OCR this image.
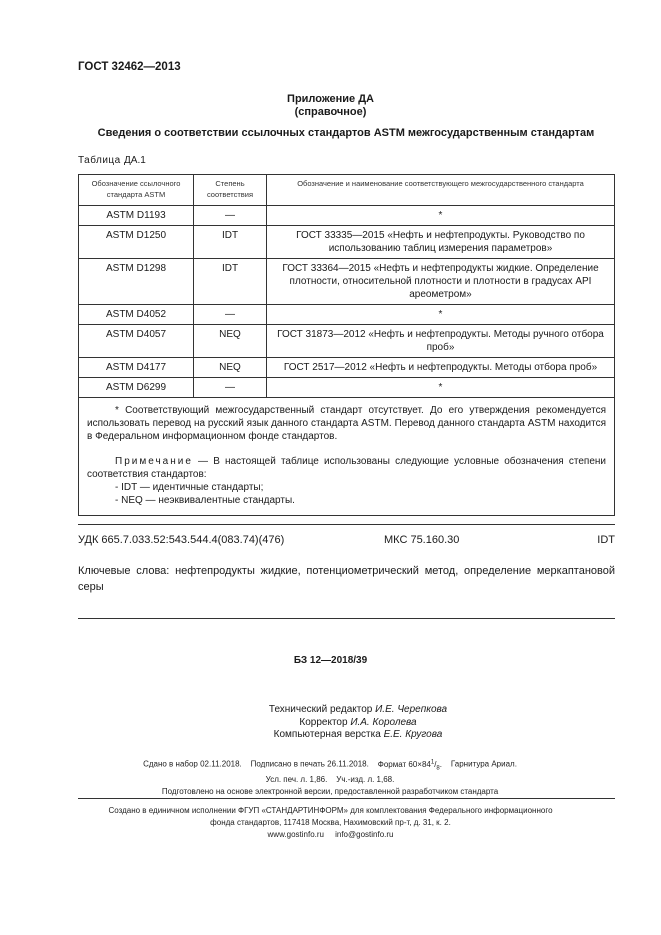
ГОСТ 32462—2013
Приложение ДА
(справочное)
Сведения о соответствии ссылочных стандартов ASTM межгосударственным стандартам
Таблица ДА.1
Обозначение ссылочного стандарта ASTM	Степень соответствия	Обозначение и наименование соответствующего межгосударственного стандарта
ASTM D1193	—	*
ASTM D1250	IDT	ГОСТ 33335—2015 «Нефть и нефтепродукты. Руководство по использованию таблиц измерения параметров»
ASTM D1298	IDT	ГОСТ 33364—2015 «Нефть и нефтепродукты жидкие. Определение плотности, относительной плотности и плотности в градусах API ареометром»
ASTM D4052	—	*
ASTM D4057	NEQ	ГОСТ 31873—2012 «Нефть и нефтепродукты. Методы ручного отбора проб»
ASTM D4177	NEQ	ГОСТ 2517—2012 «Нефть и нефтепродукты. Методы отбора проб»
ASTM D6299	—	*

* Соответствующий межгосударственный стандарт отсутствует. До его утверждения рекомендуется использовать перевод на русский язык данного стандарта ASTM. Перевод данного стандарта ASTM находится в Федеральном информационном фонде стандартов.

Примечание — В настоящей таблице использованы следующие условные обозначения степени соответствия стандартов:

- IDT — идентичные стандарты;

- NEQ — неэквивалентные стандарты.		

УДК 665.7.033.52:543.544.4(083.74)(476)	МКС 75.160.30	IDT
Ключевые слова: нефтепродукты жидкие, потенциометрический метод, определение меркаптановой серы
БЗ 12—2018/39
Технический редактор И.Е. Черепкова
Корректор И.А. Королева
Компьютерная верстка Е.Е. Кругова
Сдано в набор 02.11.2018. Подписано в печать 26.11.2018. Формат $60\times 84^1/_8$. Гарнитура Ариал.
Усл. печ. л. 1,86. Уч.-изд. л. 1,68.
Подготовлено на основе электронной версии, предоставленной разработчиком стандарта
Создано в единичном исполнении ФГУП «СТАНДАРТИНФОРМ» для комплектования Федерального информационного
фонда стандартов, 117418 Москва, Нахимовский пр-т, д. 31, к. 2.
www.gostinfo.ru info@gostinfo.ru
